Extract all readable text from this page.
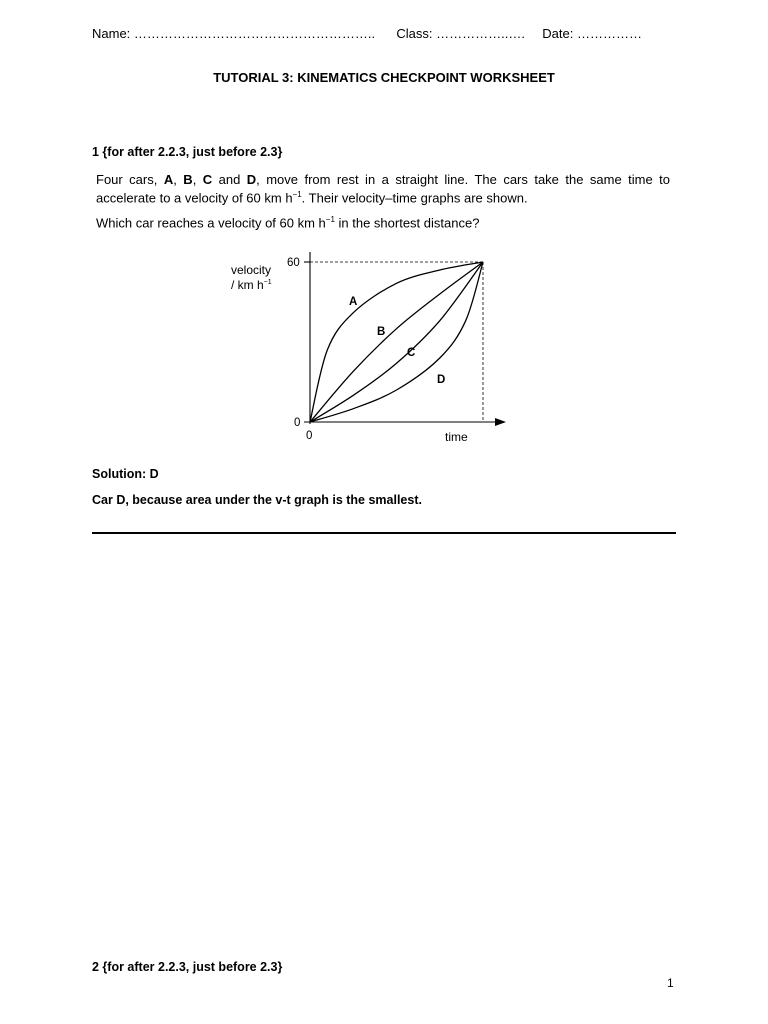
Name: ……………………………………………….. Class: ……………..…. Date: ……………
TUTORIAL 3: KINEMATICS CHECKPOINT WORKSHEET
1 {for after 2.2.3, just before 2.3}
Four cars, A, B, C and D, move from rest in a straight line. The cars take the same time to accelerate to a velocity of 60 km $h^{-1}$. Their velocity–time graphs are shown.
Which car reaches a velocity of 60 km $h^{-1}$ in the shortest distance?
velocity
/ km $h^{-1}$
60
0
0	time
A
B
C
D
Solution: D
Car D, because area under the v-t graph is the smallest.
2 {for after 2.2.3, just before 2.3}
1
